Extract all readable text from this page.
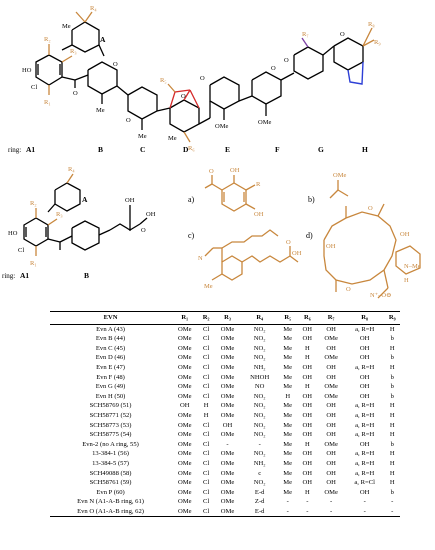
HO
Cl
R₃
R₂
R₁
O
R₄
Me
A
O
Me
O
Me
O
R₅
R₆
Me
O
OMe
OMe
O
R₇
O
R₈
R₉
O
B	C	D	E	F	G	H
ring: A1
HO
Cl
R₁
R₂
R₃
R₄
OH
OH
O
A
ring: A1	B
a)
OH
R
OH
O
b)
OMe
c)
N
OH
O
Me
d)
O
OH
OH
O
N–Me
H
N⁺–O⊖
EVN	R₁	R₂	R₃	R₄	R₅	R₆	R₇	R₈	R₉
Evn A (43)	OMe	Cl	OMe	NO₂	Me	OH	OH	a, R=H	H
Evn B (44)	OMe	Cl	OMe	NO₂	Me	OH	OMe	OH	b
Evn C (45)	OMe	Cl	OMe	NO₂	Me	H	OH	OH	H
Evn D (46)	OMe	Cl	OMe	NO₂	Me	H	OMe	OH	b
Evn E (47)	OMe	Cl	OMe	NH₂	Me	OH	OH	a, R=H	H
Evn F (48)	OMe	Cl	OMe	NHOH	Me	OH	OH	OH	b
Evn G (49)	OMe	Cl	OMe	NO	Me	H	OMe	OH	b
Evn H (50)	OMe	Cl	OMe	NO₂	H	OH	OMe	OH	b
SCH58769 (51)	OH	H	OMe	NO₂	Me	OH	OH	a, R=H	H
SCH58771 (52)	OMe	H	OMe	NO₂	Me	OH	OH	a, R=H	H
SCH58773 (53)	OMe	Cl	OH	NO₂	Me	OH	OH	a, R=H	H
SCH58775 (54)	OMe	Cl	OMe	NO₂	Me	OH	OH	a, R=H	H
Evn-2 (no A ring, 55)	OMe	Cl	-	-	Me	H	OMe	OH	b
13-384-1 (56)	OMe	Cl	OMe	NO₂	Me	OH	OH	a, R=H	H
13-384-5 (57)	OMe	Cl	OMe	NH₂	Me	OH	OH	a, R=H	H
SCH49088 (58)	OMe	Cl	OMe	c	Me	OH	OH	a, R=H	H
SCH58761 (59)	OMe	Cl	OMe	NO₂	Me	OH	OH	a, R=Cl	H
Evn P (60)	OMe	Cl	OMe	E-d	Me	H	OMe	OH	b
Evn N (A1-A-B ring, 61)	OMe	Cl	OMe	Z-d	-	-	-	-	-
Evn O (A1-A-B ring, 62)	OMe	Cl	OMe	E-d	-	-	-	-	-
